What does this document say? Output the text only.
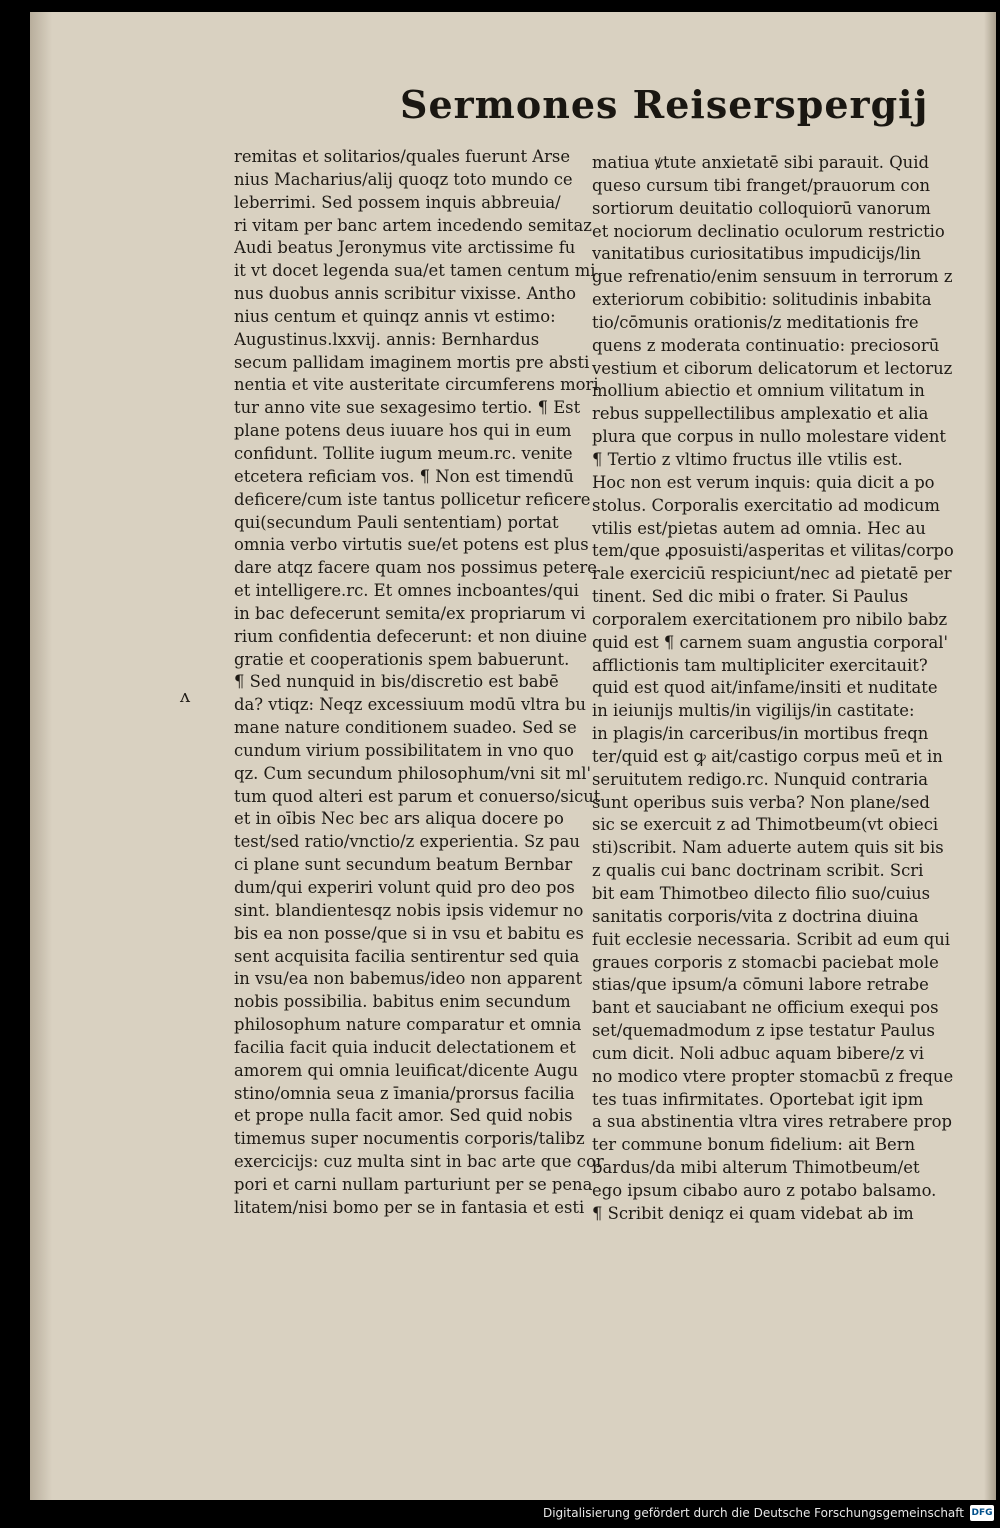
Sermones Reiserspergij
remitas et solitarios/quales fuerunt Arse
nius Macharius/alij quoqz toto mundo ce
leberrimi. Sed possem inquis abbreuia/
ri vitam per banc artem incedendo semitaz
Audi beatus Jeronymus vite arctissime fu
it vt docet legenda sua/et tamen centum mi
nus duobus annis scribitur vixisse. Antho
nius centum et quinqz annis vt estimo:
Augustinus.lxxvij. annis: Bernhardus
secum pallidam imaginem mortis pre absti
nentia et vite austeritate circumferens mori
tur anno vite sue sexagesimo tertio. ¶ Est
plane potens deus iuuare hos qui in eum
confidunt. Tollite iugum meum.rc. venite
etcetera reficiam vos. ¶ Non est timendū
deficere/cum iste tantus pollicetur reficere
qui(secundum Pauli sententiam) portat
omnia verbo virtutis sue/et potens est plus
dare atqz facere quam nos possimus petere
et intelligere.rc. Et omnes incboantes/qui
in bac defecerunt semita/ex propriarum vi
rium confidentia defecerunt: et non diuine
gratie et cooperationis spem babuerunt.
¶ Sed nunquid in bis/discretio est babē
da? vtiqz: Neqz excessiuum modū vltra bu
mane nature conditionem suadeo. Sed se
cundum virium possibilitatem in vno quo
qz. Cum secundum philosophum/vni sit ml'
tum quod alteri est parum et conuerso/sicut
et in oībis Nec bec ars aliqua docere po
test/sed ratio/vnctio/z experientia. Sz pau
ci plane sunt secundum beatum Bernbar
dum/qui experiri volunt quid pro deo pos
sint. blandientesqz nobis ipsis videmur no
bis ea non posse/que si in vsu et babitu es
sent acquisita facilia sentirentur sed quia
in vsu/ea non babemus/ideo non apparent
nobis possibilia. babitus enim secundum
philosophum nature comparatur et omnia
facilia facit quia inducit delectationem et
amorem qui omnia leuificat/dicente Augu
stino/omnia seua z īmania/prorsus facilia
et prope nulla facit amor. Sed quid nobis
timemus super nocumentis corporis/talibz
exercicijs: cuz multa sint in bac arte que cor
pori et carni nullam parturiunt per se pena
litatem/nisi bomo per se in fantasia et esti
matiua ꝟtute anxietatē sibi parauit. Quid
queso cursum tibi franget/prauorum con
sortiorum deuitatio colloquiorū vanorum
et nociorum declinatio oculorum restrictio
vanitatibus curiositatibus impudicijs/lin
gue refrenatio/enim sensuum in terrorum z
exteriorum cobibitio: solitudinis inbabita
tio/cōmunis orationis/z meditationis fre
quens z moderata continuatio: preciosorū
vestium et ciborum delicatorum et lectoruz
mollium abiectio et omnium vilitatum in
rebus suppellectilibus amplexatio et alia
plura que corpus in nullo molestare vident
¶ Tertio z vltimo fructus ille vtilis est.
Hoc non est verum inquis: quia dicit a po
stolus. Corporalis exercitatio ad modicum
vtilis est/pietas autem ad omnia. Hec au
tem/que ꝓposuisti/asperitas et vilitas/corpo
rale exerciciū respiciunt/nec ad pietatē per
tinent. Sed dic mibi o frater. Si Paulus
corporalem exercitationem pro nibilo babz
quid est ¶ carnem suam angustia corporal'
afflictionis tam multipliciter exercitauit?
quid est quod ait/infame/insiti et nuditate
in ieiunijs multis/in vigilijs/in castitate:
in plagis/in carceribus/in mortibus freqn
ter/quid est ꝙ ait/castigo corpus meū et in
seruitutem redigo.rc. Nunquid contraria
sunt operibus suis verba? Non plane/sed
sic se exercuit z ad Thimotbeum(vt obieci
sti)scribit. Nam aduerte autem quis sit bis
z qualis cui banc doctrinam scribit. Scri
bit eam Thimotbeo dilecto filio suo/cuius
sanitatis corporis/vita z doctrina diuina
fuit ecclesie necessaria. Scribit ad eum qui
graues corporis z stomacbi paciebat mole
stias/que ipsum/a cōmuni labore retrabe
bant et sauciabant ne officium exequi pos
set/quemadmodum z ipse testatur Paulus
cum dicit. Noli adbuc aquam bibere/z vi
no modico vtere propter stomacbū z freque
tes tuas infirmitates. Oportebat igit ipm
a sua abstinentia vltra vires retrabere prop
ter commune bonum fidelium: ait Bern
bardus/da mibi alterum Thimotbeum/et
ego ipsum cibabo auro z potabo balsamo.
¶ Scribit deniqz ei quam videbat ab im
ʌ
Digitalisierung gefördert durch die Deutsche Forschungsgemeinschaft DFG
